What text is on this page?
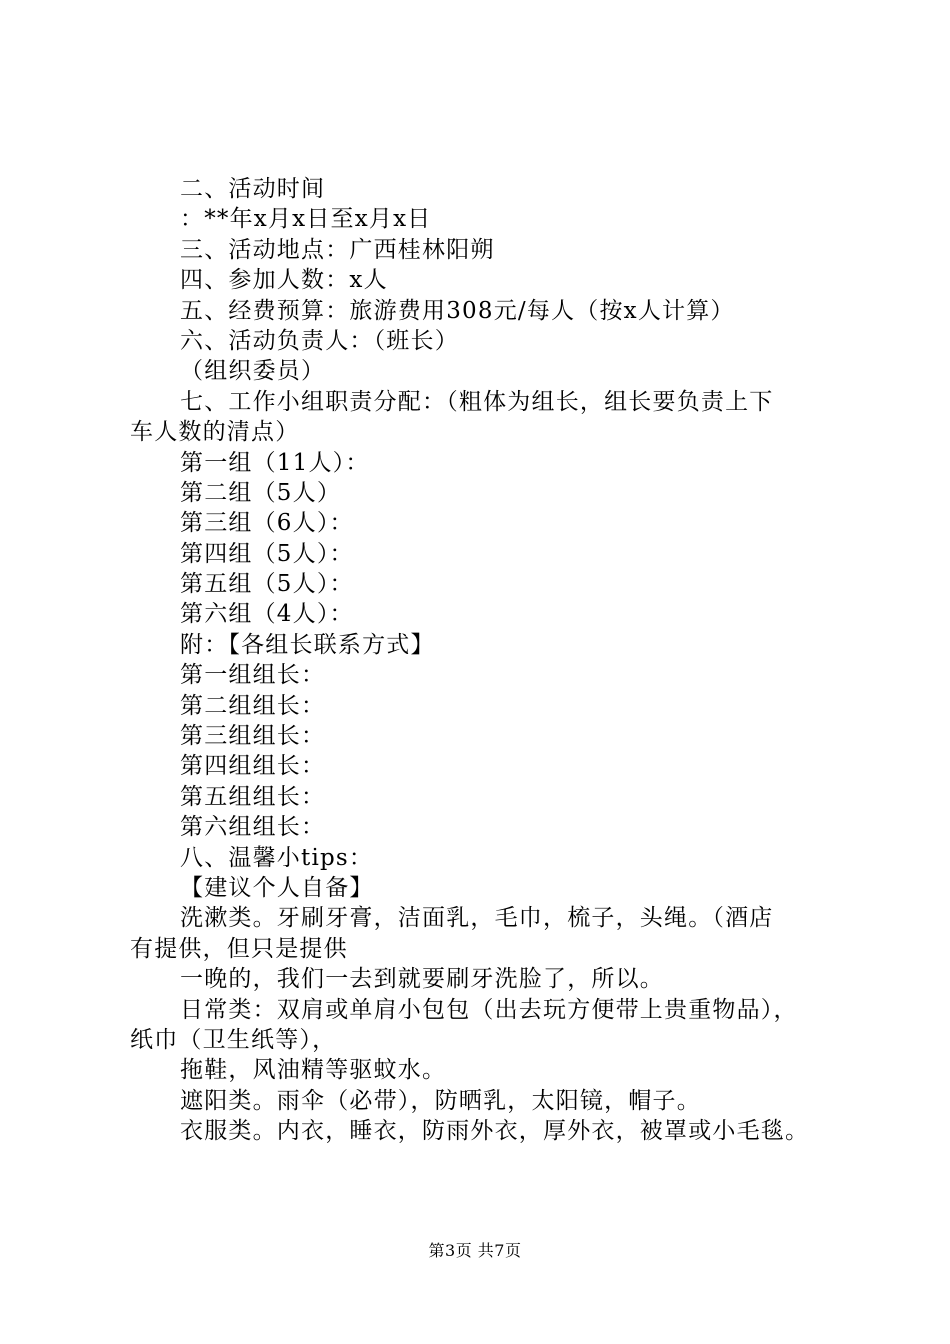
二、活动时间
：**年x月x日至x月x日
三、活动地点：广西桂林阳朔
四、参加人数：x人
五、经费预算：旅游费用308元/每人（按x人计算）
六、活动负责人：（班长）
（组织委员）
七、工作小组职责分配：（粗体为组长，组长要负责上下
车人数的清点）
第一组（11人）：
第二组（5人）
第三组（6人）：
第四组（5人）：
第五组（5人）：
第六组（4人）：
附：【各组长联系方式】
第一组组长：
第二组组长：
第三组组长：
第四组组长：
第五组组长：
第六组组长：
八、温馨小tips：
【建议个人自备】
洗漱类。牙刷牙膏，洁面乳，毛巾，梳子，头绳。（酒店
有提供，但只是提供
一晚的，我们一去到就要刷牙洗脸了，所以。
日常类：双肩或单肩小包包（出去玩方便带上贵重物品），
纸巾（卫生纸等），
拖鞋，风油精等驱蚊水。
遮阳类。雨伞（必带），防晒乳，太阳镜，帽子。
衣服类。内衣，睡衣，防雨外衣，厚外衣，被罩或小毛毯。
第3页 共7页
